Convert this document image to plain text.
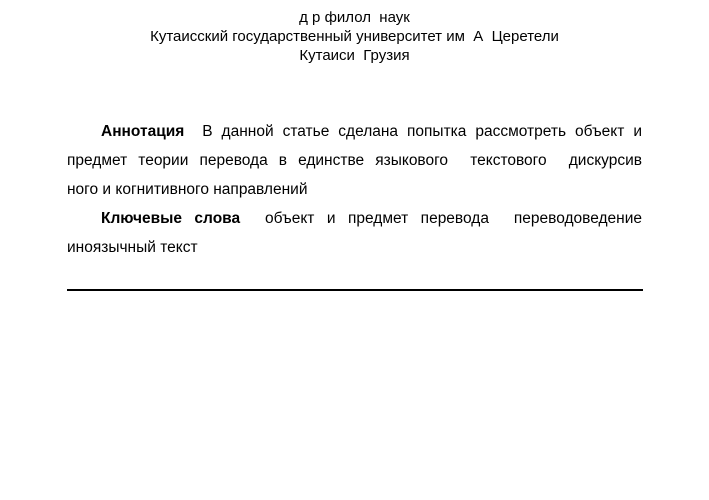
д р филол  наук
Кутаисский государственный университет им  А  Церетели
Кутаиси  Грузия
Аннотация  В данной статье сделана попытка рассмотреть объект и
предмет теории перевода в единстве языкового  текстового  дискурсив
ного и когнитивного направлений
Ключевые слова  объект и предмет перевода  переводоведение
иноязычный текст
